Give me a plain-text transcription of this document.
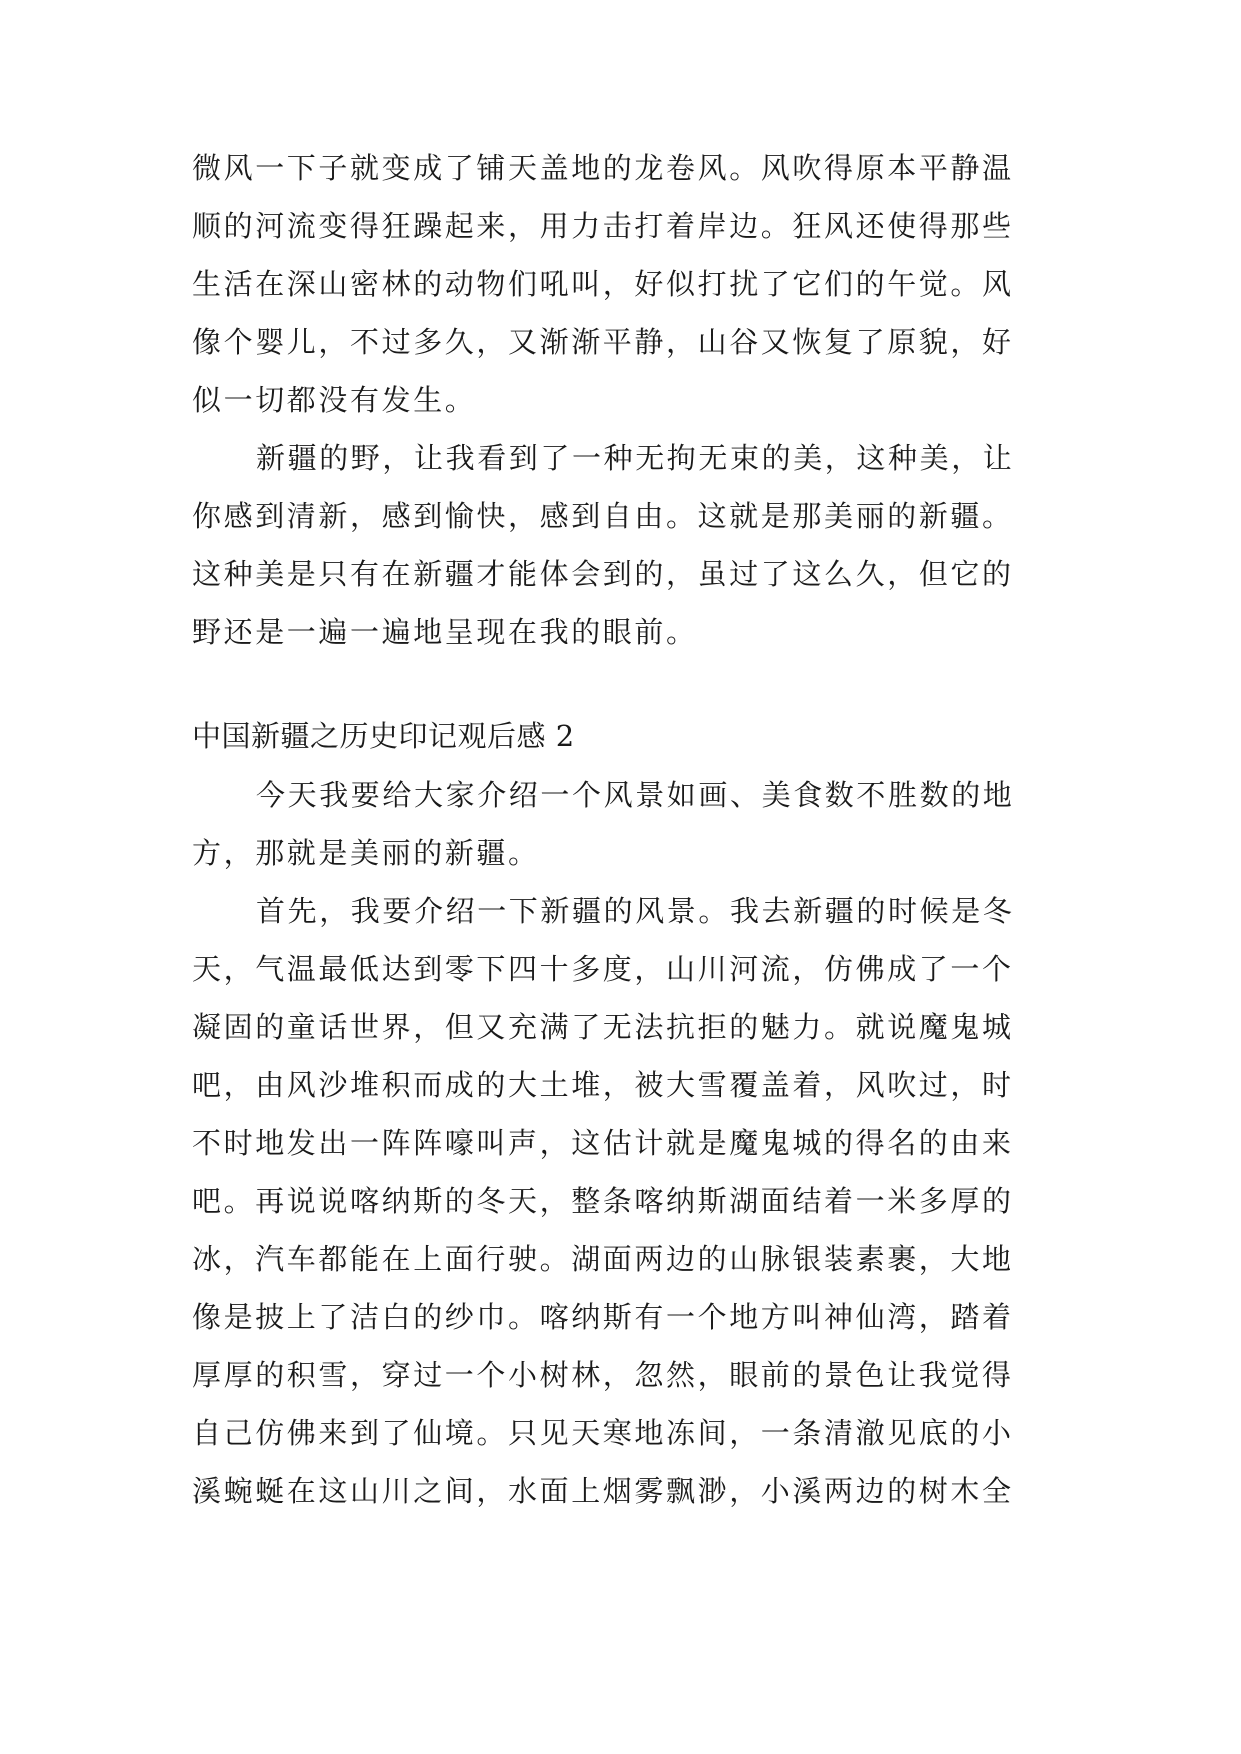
微风一下子就变成了铺天盖地的龙卷风。风吹得原本平静温
顺的河流变得狂躁起来，用力击打着岸边。狂风还使得那些
生活在深山密林的动物们吼叫，好似打扰了它们的午觉。风
像个婴儿，不过多久，又渐渐平静，山谷又恢复了原貌，好
似一切都没有发生。
新疆的野，让我看到了一种无拘无束的美，这种美，让
你感到清新，感到愉快，感到自由。这就是那美丽的新疆。
这种美是只有在新疆才能体会到的，虽过了这么久，但它的
野还是一遍一遍地呈现在我的眼前。
中国新疆之历史印记观后感 2
今天我要给大家介绍一个风景如画、美食数不胜数的地
方，那就是美丽的新疆。
首先，我要介绍一下新疆的风景。我去新疆的时候是冬
天，气温最低达到零下四十多度，山川河流，仿佛成了一个
凝固的童话世界，但又充满了无法抗拒的魅力。就说魔鬼城
吧，由风沙堆积而成的大土堆，被大雪覆盖着，风吹过，时
不时地发出一阵阵嚎叫声，这估计就是魔鬼城的得名的由来
吧。再说说喀纳斯的冬天，整条喀纳斯湖面结着一米多厚的
冰，汽车都能在上面行驶。湖面两边的山脉银装素裹，大地
像是披上了洁白的纱巾。喀纳斯有一个地方叫神仙湾，踏着
厚厚的积雪，穿过一个小树林，忽然，眼前的景色让我觉得
自己仿佛来到了仙境。只见天寒地冻间，一条清澈见底的小
溪蜿蜒在这山川之间，水面上烟雾飘渺，小溪两边的树木全
